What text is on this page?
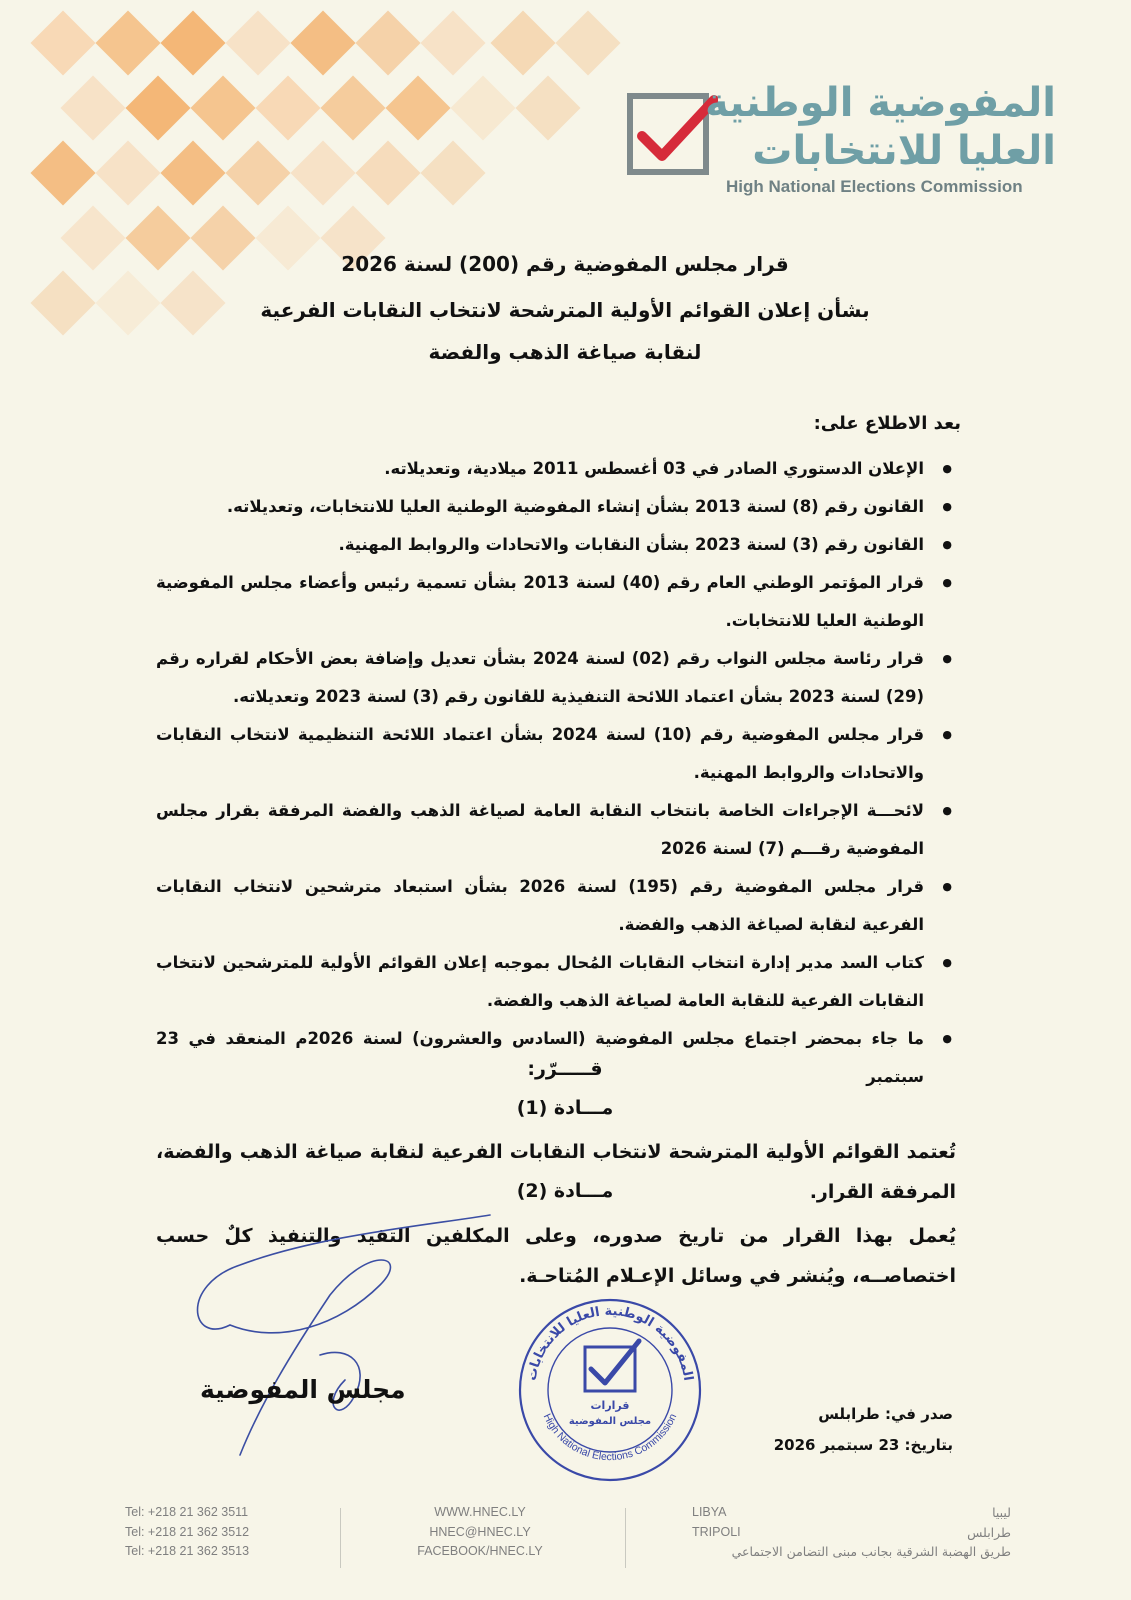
المفوضية الوطنية
العليا للانتخابات
High National Elections Commission
قرار مجلس المفوضية رقم (200) لسنة 2026
بشأن إعلان القوائم الأولية المترشحة لانتخاب النقابات الفرعية
لنقابة صياغة الذهب والفضة
بعد الاطلاع على:
● الإعلان الدستوري الصادر في 03 أغسطس 2011 ميلادية، وتعديلاته.
● القانون رقم (8) لسنة 2013 بشأن إنشاء المفوضية الوطنية العليا للانتخابات، وتعديلاته.
● القانون رقم (3) لسنة 2023 بشأن النقابات والاتحادات والروابط المهنية.
● قرار المؤتمر الوطني العام رقم (40) لسنة 2013 بشأن تسمية رئيس وأعضاء مجلس المفوضية الوطنية العليا للانتخابات.
● قرار رئاسة مجلس النواب رقم (02) لسنة 2024 بشأن تعديل وإضافة بعض الأحكام لقراره رقم (29) لسنة 2023 بشأن اعتماد اللائحة التنفيذية للقانون رقم (3) لسنة 2023 وتعديلاته.
● قرار مجلس المفوضية رقم (10) لسنة 2024 بشأن اعتماد اللائحة التنظيمية لانتخاب النقابات والاتحادات والروابط المهنية.
● لائحـــة الإجراءات الخاصة بانتخاب النقابة العامة لصياغة الذهب والفضة المرفقة بقرار مجلس المفوضية رقـــم (7) لسنة 2026
● قرار مجلس المفوضية رقم (195) لسنة 2026 بشأن استبعاد مترشحين لانتخاب النقابات الفرعية لنقابة لصياغة الذهب والفضة.
● كتاب السد مدير إدارة انتخاب النقابات المُحال بموجبه إعلان القوائم الأولية للمترشحين لانتخاب النقابات الفرعية للنقابة العامة لصياغة الذهب والفضة.
● ما جاء بمحضر اجتماع مجلس المفوضية (السادس والعشرون) لسنة 2026م المنعقد في 23 سبتمبر
قـــــرّر:
مـــادة (1)
تُعتمد القوائم الأولية المترشحة لانتخاب النقابات الفرعية لنقابة صياغة الذهب والفضة، المرفقة القرار.
مـــادة (2)
يُعمل بهذا القرار من تاريخ صدوره، وعلى المكلفين التقيد والتنفيذ كلٌ حسب اختصاصــه، ويُنشر في وسائل الإعـلام المُتاحـة.
مجلس المفوضية
المفوضية الوطنية العليا للانتخابات
High National Elections Commission
قرارات
مجلس المفوضية	صدر في: طرابلس
بتاريخ: 23 سبتمبر 2026
Tel: +218 21 362 3511
Tel: +218 21 362 3512
Tel: +218 21 362 3513
WWW.HNEC.LY
HNEC@HNEC.LY
FACEBOOK/HNEC.LY
LIBYA
TRIPOLI
ليبيا
طرابلس
طريق الهضبة الشرقية بجانب مبنى التضامن الاجتماعي
